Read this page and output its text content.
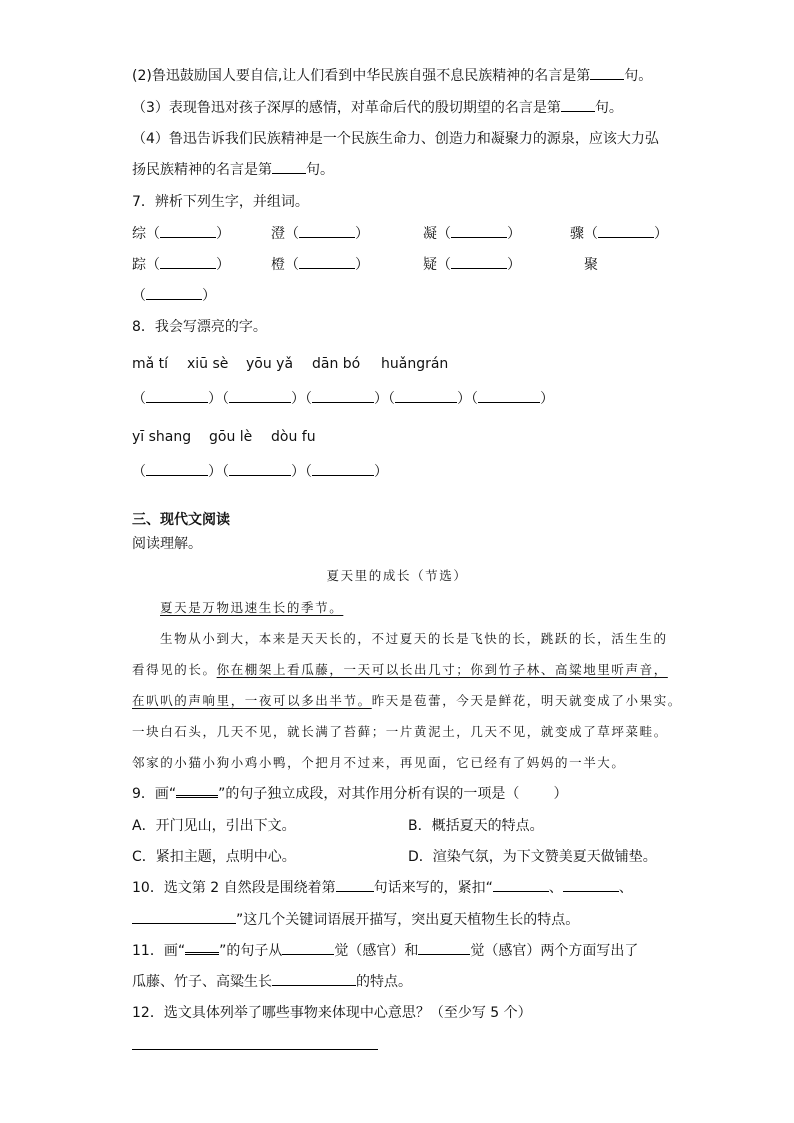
(2)鲁迅鼓励国人要自信,让人们看到中华民族自强不息民族精神的名言是第 句。
（3）表现鲁迅对孩子深厚的感情，对革命后代的殷切期望的名言是第 句。
（4）鲁迅告诉我们民族精神是一个民族生命力、创造力和凝聚力的源泉，应该大力弘
扬民族精神的名言是第 句。
7．辨析下列生字，并组词。
综（	）	澄（	）	凝（	）	骤（	）
踪（	）	橙（	）	疑（	）	聚
（	）
8．我会写漂亮的字。
mǎ tí xiū sè yōu yǎ dān bó huǎngrán
（	）（	）（	）（	）（	）
yī shang gōu lè dòu fu
（	）（	）（	）
三、现代文阅读
阅读理解。
夏天里的成长（节选）
夏天是万物迅速生长的季节。
生物从小到大，本来是天天长的，不过夏天的长是飞快的长，跳跃的长，活生生的
看得见的长。你在棚架上看瓜藤，一天可以长出几寸；你到竹子林、高粱地里听声音，
在叭叭的声响里，一夜可以多出半节。昨天是苞蕾，今天是鲜花，明天就变成了小果实。
一块白石头，几天不见，就长满了苔藓；一片黄泥土，几天不见，就变成了草坪菜畦。
邻家的小猫小狗小鸡小鸭，个把月不过来，再见面，它已经有了妈妈的一半大。
9．画“	”的句子独立成段，对其作用分析有误的一项是（ ）
A．开门见山，引出下文。	B．概括夏天的特点。
C．紧扣主题，点明中心。	D．渲染气氛，为下文赞美夏天做铺垫。
10．选文第 2 自然段是围绕着第	句话来写的，紧扣“	、	、
”这几个关键词语展开描写，突出夏天植物生长的特点。
11．画“ ”的句子从	觉（感官）和	觉（感官）两个方面写出了
瓜藤、竹子、高粱生长	的特点。
12．选文具体列举了哪些事物来体现中心意思？（至少写 5 个）
